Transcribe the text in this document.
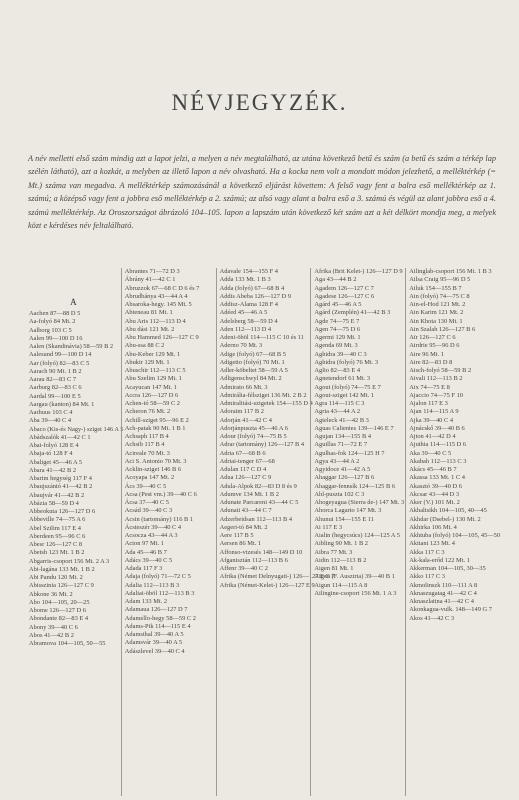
NÉVJEGYZÉK.
A név melletti első szám mindig azt a lapot jelzi, a melyen a név megtalálható, az utána következő betű és szám (a betű és szám a térkép lap szélén látható), azt a kozkát, a melyben az illető lapon a név olvasható. Ha a kocka nem volt a mondott módon jelezhető, a melléktérkép (= Mt.) száma van megadva. A melléktérkép számozásánál a következő eljárást követtem: A felső vagy fent a balra eső melléktérkép az 1. számú; a középső vagy fent a jobbra eső melléktérkép a 2. számú; az alsó vagy alant a balra eső a 3. számú és végül az alant jobbra eső a 4. számú melléktérkép. Az Oroszországot ábrázoló 104–105. lapon a lapszám után következő két szám azt a két délkört mondja meg, a melyek közt e kérdéses név feltalálható.
A
Aachen 87—88 D 5
Aa-folyó 84 Mt. 2
Aalborg 103 C 5
Aalen 99—100 D 16
Aalen (Skandinávia) 58—59 B 2
Aalesund 99—100 D 14
Aar (folyó) 82—83 C 5
Aarach 90 Mt. 1 B 2
Aarau 82—83 C 7
Aarburg 82—83 C 6
Aardal 99—100 E 5
Aargau (kanton) 84 Mt. 1
Aarhuus 103 C 4
Aba 39—40 C 4
Abaco (Kis-és Nagy-) sziget 146 A 5
Abádszalók 41—42 C 1
Abai-folyó 128 E 4
Abaja-tó 128 F 4
Abaliget 45—46 A 5
Abara 41—42 B 2
Abarim hegység 117 F 4
Abaujszántó 41—42 B 2
Abaujvár 41—42 B 2
Abázia 58—59 D 4
Abbeokuta 126—127 D 6
Abbeville 74—75 A 6
Abel Szilim 117 E 4
Aberdeen 95—96 C 6
Abesr 126—127 C 8
Abetsh 123 Mt. 1 B 2
Abgarris-csoport 156 Mt. 2 A 3
Abi-lagána 133 Mt. 1 B 2
Abi Pandu 120 Mt. 2
Abisszinia 126—127 C 9
Abkone 36 Mt. 2
Abo 104—105, 20—25
Abome 126—127 D 6
Abondante 82—83 E 4
Abony 39—40 C 6
Abos 41—42 B 2
Abramova 104—105, 50—55
Abrantes 71—72 D 3
Ábrány 41—42 C 1
Abruzzok 67—68 C D 6 és 7
Abrudbánya 43—44 A 4
Absaroka-hegy. 145 Mt. 5
Abteneau 81 Mt. 1
Abu Aris 112—113 D 4
Abu dási 121 Mt. 2
Abu Hammed 126—127 C 9
Abu-ssa 88 C 2
Abu-Keber 129 Mt. 1
Abukir 129 Mt. 1
Abuschir 112—113 C 5
Abu Szelim 129 Mt. 1
Acayucan 147 Mt. 1
Accra 126—127 D 6
Achen-tó 58—59 C 2
Acheron 76 Mt. 2
Achill-sziget 95—96 E 2
Ach-patak 90 Mt. 1 B 1
Achsaph 117 B 4
Achsib 117 B 4
Acireale 70 Mt. 3
Aci S. Antonio 70 Mt. 3
Acklin-sziget 146 B 6
Acoyapa 147 Mt. 2
Ács 39—40 C 5
Acsa (Pest vm.) 39—40 C 6
Ácsa 37—40 C 5
Acsád 39—40 C 3
Acsin (tartomány) 116 B 1
Ácsteszér 39—40 C 4
Acsocza 43—44 A 3
Acton 97 Mt. 1
Ada 45—46 B 7
Adács 39—40 C 5
Adada 117 F 3
Adaja (folyó) 71—72 C 5
Adalia 112—113 B 3
Adaliai-öböl 112—113 B 3
Adam 133 Mt. 2
Adamaua 126—127 D 7
Adamello-hegy 58—59 C 2
Adams-Pik 114—115 E 4
Adamsthal 39—40 A 5
Adamsvár 39—40 A 5
Adászlevel 39—40 C 4
Adavale 154—155 F 4
Adda 133 Mt. 1 B 3
Adda (folyó) 67—68 B 4
Addis Abeba 126—127 D 9
Addisz-Alama 128 F 4
Adéed 45—46 A 5
Adelsberg 58—59 D 4
Aden 112—113 D 4
Adeni-öböl 114—115 C 10 és 11
Aderno 70 Mt. 3
Adige (folyó) 67—68 B 5
Adigetto (folyó) 70 Mt. 1
Adler-köbeltet 58—59 A 5
Adligenschwyl 84 Mt. 2
Admirato 66 Mt. 3
Admirália-félsziget 136 Mt. 2 B 2
Admiralitási-szigetek 154—155 D 4
Adoraim 117 B 2
Adorján 41—42 C 4
Adorjánpuszta 45—46 A 6
Adour (folyó) 74—75 B 5
Adrar (tartomány) 126—127 B 4
Adria 67—68 B 6
Adriai-tenger 67—68
Adulan 117 C D 4
Adua 126—127 C 9
Adula-Alpok 82—83 D 8 és 9
Adumve 134 Mt. 1 B 2
Adunate Parcareni 43—44 C 5
Adunati 43—44 C 7
Adzerbeidsan 112—113 B 4
Aegeri-tó 84 Mt. 2
Aere 117 B 5
Aersen 86 Mt. 1
Affonso-vizesés 148—149 D 10
Afganisztán 112—113 B 6
Affenr 39—40 C 2
Afrika (Német Delnyugati-) 126—127 F G 7
Afrika (Német-Kelet-) 126—127 E 9
Afrika (Brit Kelet-) 126—127 D 9
Aga 43—44 B 2
Agadem 126—127 C 7
Agadese 126—127 C 6
Agárd 45—46 A 5
Agárd (Zemplén) 41—42 B 3
Agde 74—75 E 7
Agen 74—75 D 6
Agermi 129 Mt. 1
Agenda 69 Mt. 3
Aghidra 39—40 C 3
Aghidra (folyó) 76 Mt. 3
Aglio 82—83 E 4
Agnetendorf 61 Mt. 3
Agout (folyó) 74—75 E 7
Agout-sziget 142 Mt. 1
Agra 114—115 C 3
Agria 43—44 A 2
Agteleck 41—42 B 3
Aguas Calientes 139—146 E 7
Agujan 134—155 B 4
Aguillas 71—72 E 7
Agulhas-fok 124—125 H 7
Agya 43—44 A 2
Agyidoce 41—42 A 5
Ahaggar 126—127 B 6
Ahaggar-fennsík 124—125 B 6
Ahl-puszta 102 C 3
Ahogeyagua (Sierra de-) 147 Mt. 3
Ahorca Lagarto 147 Mt. 3
Ahunui 154—155 E 11
Ai 117 E 3
Aialin (hegycsúcs) 124—125 A 5
Aibling 90 Mt. 1 B 2
Aibra 77 Mt. 3
Aidin 112—113 B 2
Aigen 81 Mt. 1
Aigen (F. Ausztria) 39—40 B 1
Aigun 114—115 A 8
Ailingine-csoport 156 Mt. 1 A 3
Ailinglab-csoport 156 Mt. 1 B 3
Ailsa Craig 95—96 D 5
Ailuk 154—155 B 7
Ain (folyó) 74—75 C 8
Ain-el-Hod 121 Mt. 2
Ain Karim 121 Mt. 2
Ain Khota 130 Mt. 1
Ain Szalah 126—127 B 6
Aïr 126—127 C 6
Airdrie 95—96 D 6
Aire 96 Mt. 1
Aire 82—83 D 8
Aisch-folyó 58—59 B 2
Aivali 112—113 B 2
Aix 74—75 E 8
Ajaccio 74—75 F 10
Ajalon 117 E 3
Ajan 114—115 A 9
Ajka 39—40 C 4
Ajnácskő 39—40 B 6
Ajton 41—42 D 4
Ajuthia 114—115 D 6
Aka 39—40 C 5
Akabah 112—113 C 3
Akács 45—46 B 7
Akassa 133 Mt. 1 C 4
Akasztó 39—40 D 6
Akcsar 43—44 D 3
Aker (V.) 101 Mt. 2
Akhaltsikh 104—105, 40—45
Akhdar (Dsebel-) 130 Mt. 2
Akhirka 106 Mt. 4
Akhtuba (folyó) 104—105, 45—50
Akitani 123 Mt. 4
Akka 117 C 3
Ak-kala-erőd 122 Mt. 1
Akkerman 104—105, 30—35
Akko 117 C 3
Akmolinszk 110—111 A 8
Aknaszugatag 41—42 C 4
Aknaszlatina 41—42 C 4
Akonkagua-vulk. 148—149 G 7
Akos 41—42 C 3
